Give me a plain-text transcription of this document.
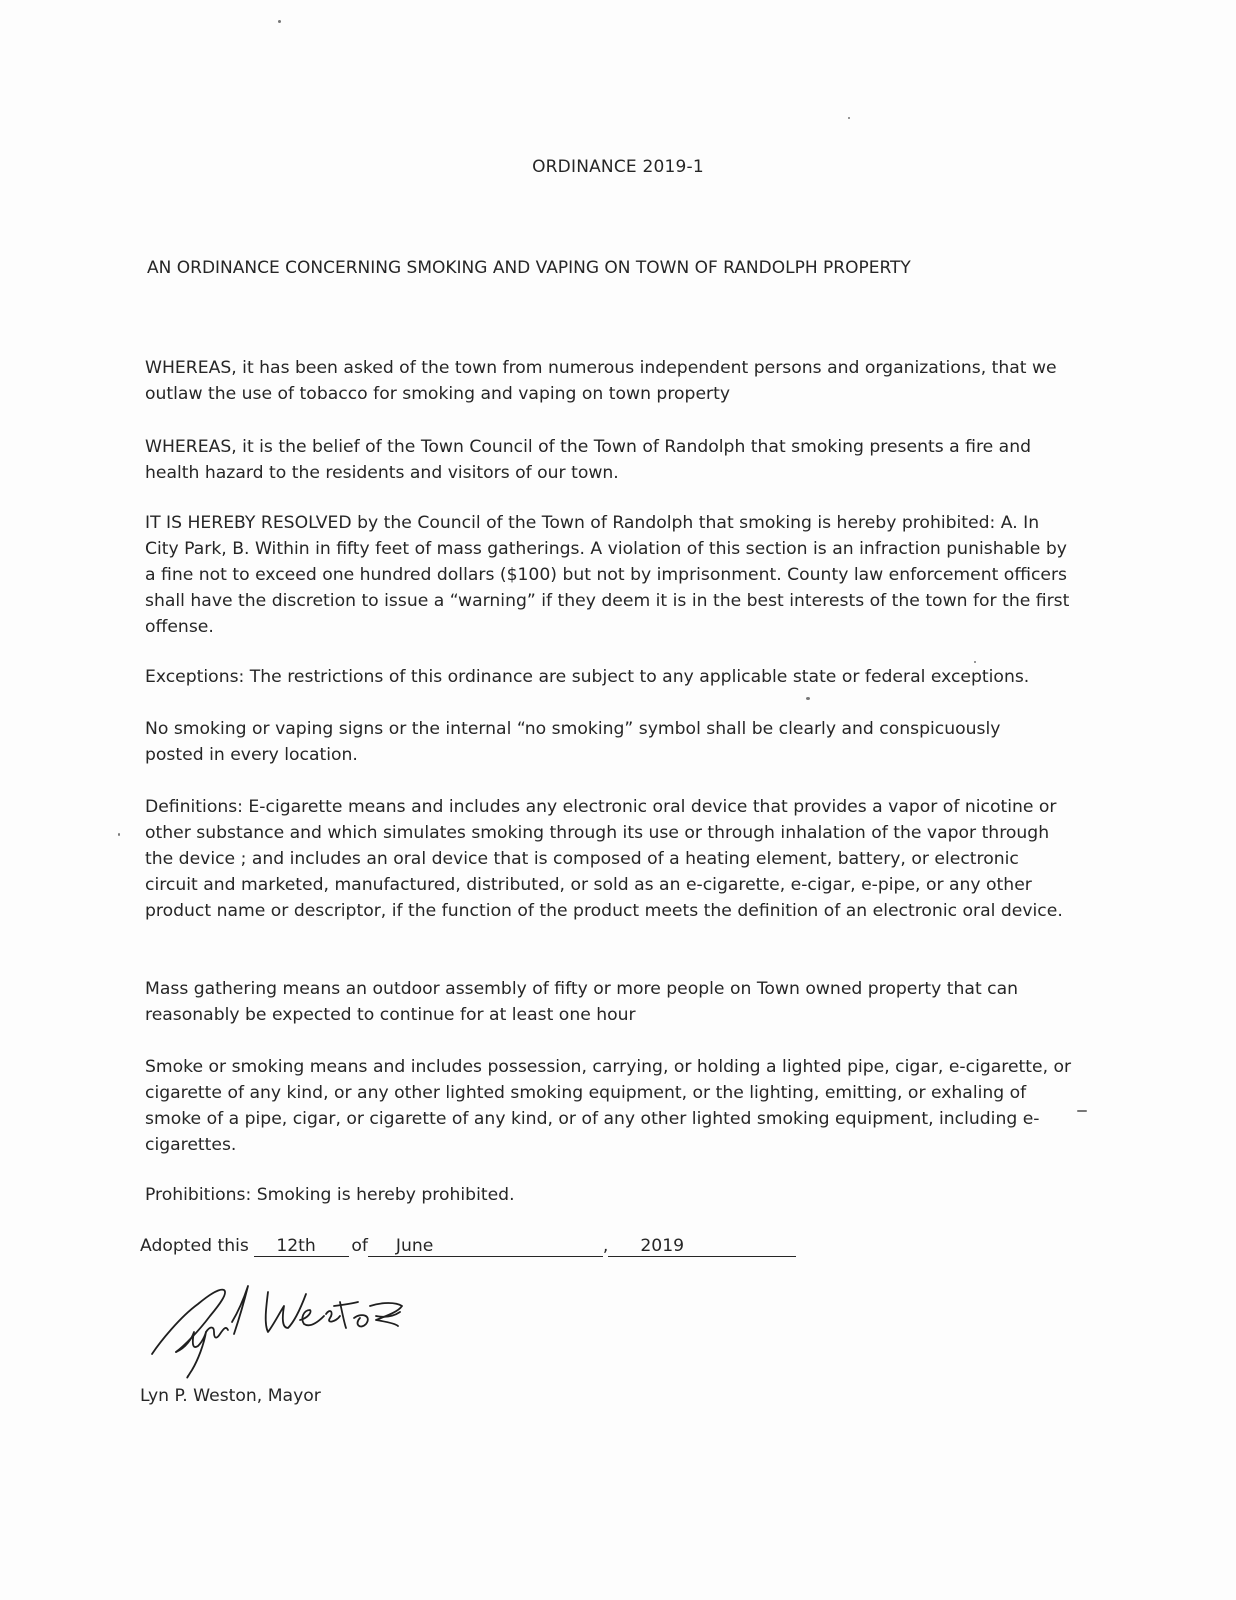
ORDINANCE 2019-1
AN ORDINANCE CONCERNING SMOKING AND VAPING ON TOWN OF RANDOLPH PROPERTY
WHEREAS, it has been asked of the town from numerous independent persons and organizations, that we outlaw the use of tobacco for smoking and vaping on town property
WHEREAS, it is the belief of the Town Council of the Town of Randolph that smoking presents a fire and health hazard to the residents and visitors of our town.
IT IS HEREBY RESOLVED by the Council of the Town of Randolph that smoking is hereby prohibited: A. In City Park, B. Within in fifty feet of mass gatherings. A violation of this section is an infraction punishable by a fine not to exceed one hundred dollars ($100) but not by imprisonment. County law enforcement officers shall have the discretion to issue a “warning” if they deem it is in the best interests of the town for the first offense.
Exceptions: The restrictions of this ordinance are subject to any applicable state or federal exceptions.
No smoking or vaping signs or the internal “no smoking” symbol shall be clearly and conspicuously posted in every location.
Definitions: E-cigarette means and includes any electronic oral device that provides a vapor of nicotine or other substance and which simulates smoking through its use or through inhalation of the vapor through the device ; and includes an oral device that is composed of a heating element, battery, or electronic circuit and marketed, manufactured, distributed, or sold as an e-cigarette, e-cigar, e-pipe, or any other product name or descriptor, if the function of the product meets the definition of an electronic oral device.
Mass gathering means an outdoor assembly of fifty or more people on Town owned property that can reasonably be expected to continue for at least one hour
Smoke or smoking means and includes possession, carrying, or holding a lighted pipe, cigar, e-cigarette, or cigarette of any kind, or any other lighted smoking equipment, or the lighting, emitting, or exhaling of smoke of a pipe, cigar, or cigarette of any kind, or of any other lighted smoking equipment, including e-cigarettes.
Prohibitions: Smoking is hereby prohibited.
Adopted this 12th of June	, 2019
Lyn P. Weston, Mayor
